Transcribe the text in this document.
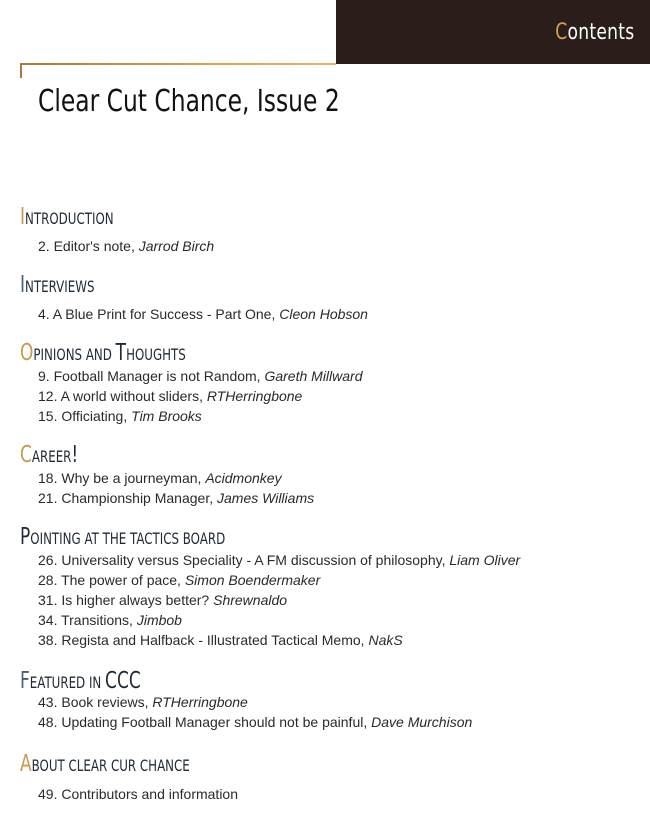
Contents
Clear Cut Chance, Issue 2
INTRODUCTION
2. Editor's note, Jarrod Birch
INTERVIEWS
4. A Blue Print for Success - Part One, Cleon Hobson
OPINIONS AND THOUGHTS
9. Football Manager is not Random, Gareth Millward
12. A world without sliders, RTHerringbone
15. Officiating, Tim Brooks
CAREER!
18. Why be a journeyman, Acidmonkey
21. Championship Manager, James Williams
POINTING AT THE TACTICS BOARD
26. Universality versus Speciality - A FM discussion of philosophy, Liam Oliver
28. The power of pace, Simon Boendermaker
31. Is higher always better? Shrewnaldo
34. Transitions, Jimbob
38. Regista and Halfback - Illustrated Tactical Memo, NakS
FEATURED IN CCC
43. Book reviews, RTHerringbone
48. Updating Football Manager should not be painful, Dave Murchison
ABOUT CLEAR CUR CHANCE
49. Contributors and information
